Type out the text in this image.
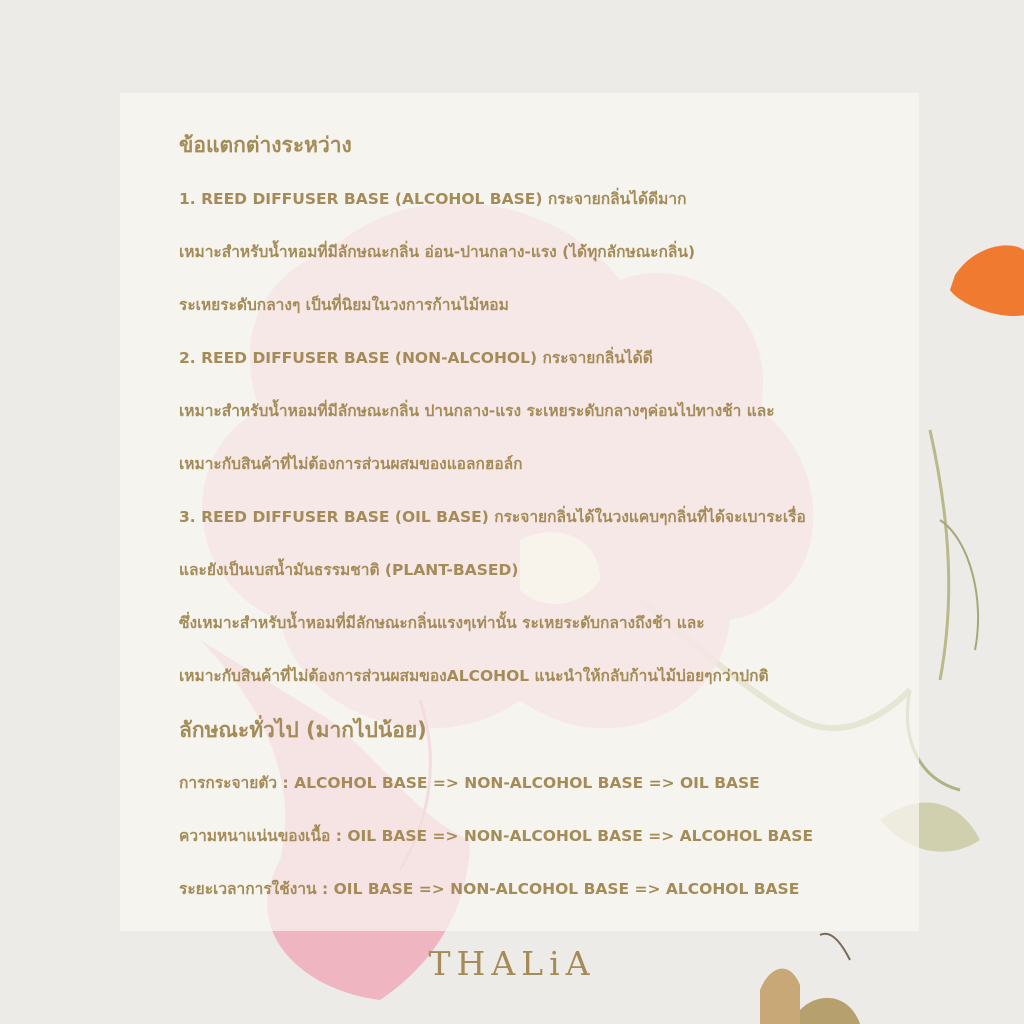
ข้อแตกต่างระหว่าง

1. REED DIFFUSER BASE (ALCOHOL BASE) กระจายกลิ่นได้ดีมาก

เหมาะสำหรับน้ำหอมที่มีลักษณะกลิ่น อ่อน-ปานกลาง-แรง (ได้ทุกลักษณะกลิ่น)

ระเหยระดับกลางๆ เป็นที่นิยมในวงการก้านไม้หอม

2. REED DIFFUSER BASE (NON-ALCOHOL) กระจายกลิ่นได้ดี

เหมาะสำหรับน้ำหอมที่มีลักษณะกลิ่น ปานกลาง-แรง ระเหยระดับกลางๆค่อนไปทางช้า และ

เหมาะกับสินค้าที่ไม่ต้องการส่วนผสมของแอลกฮอล์ก

3. REED DIFFUSER BASE (OIL BASE) กระจายกลิ่นได้ในวงแคบๆกลิ่นที่ได้จะเบาระเรื่อ

และยังเป็นเบสน้ำมันธรรมชาติ (PLANT-BASED)

ซึ่งเหมาะสำหรับน้ำหอมที่มีลักษณะกลิ่นแรงๆเท่านั้น ระเหยระดับกลางถึงช้า และ

เหมาะกับสินค้าที่ไม่ต้องการส่วนผสมของALCOHOL แนะนำให้กลับก้านไม้บ่อยๆกว่าปกติ

ลักษณะทั่วไป (มากไปน้อย)

การกระจายตัว : ALCOHOL BASE => NON-ALCOHOL BASE => OIL BASE

ความหนาแน่นของเนื้อ : OIL BASE => NON-ALCOHOL BASE => ALCOHOL BASE

ระยะเวลาการใช้งาน : OIL BASE => NON-ALCOHOL BASE => ALCOHOL BASE

THALiA
